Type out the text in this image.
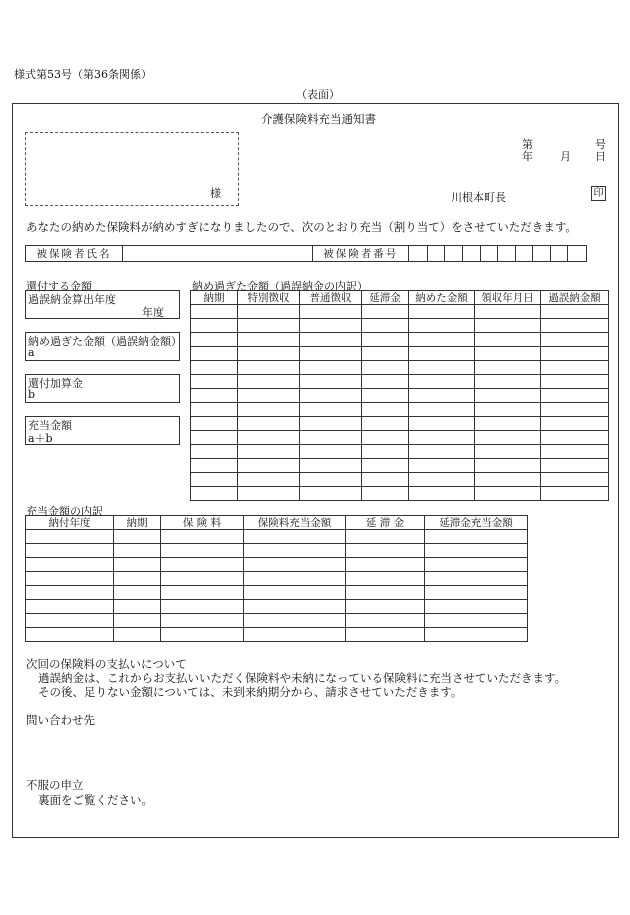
様式第53号（第36条関係）
（表面）
介護保険料充当通知書
様
第	号
年 月 日
川根本町長	印
あなたの納めた保険料が納めすぎになりましたので、次のとおり充当（割り当て）をさせていただきます。
被保険者氏名		被保険者番号										
還付する金額
過誤納金算出年度
年度
納め過ぎた金額（過誤納金額）
a
還付加算金
b
充当金額
a＋b
納め過ぎた金額（過誤納金の内訳）
納期	特別徴収	普通徴収	延滞金	納めた金額	領収年月日	過誤納金額

充当金額の内訳
納付年度	納期	保 険 料	保険料充当金額	延 滞 金	延滞金充当金額

次回の保険料の支払いについて
過誤納金は、これからお支払いいただく保険料や未納になっている保険料に充当させていただきます。
その後、足りない金額については、未到来納期分から、請求させていただきます。
問い合わせ先
不服の申立
裏面をご覧ください。
